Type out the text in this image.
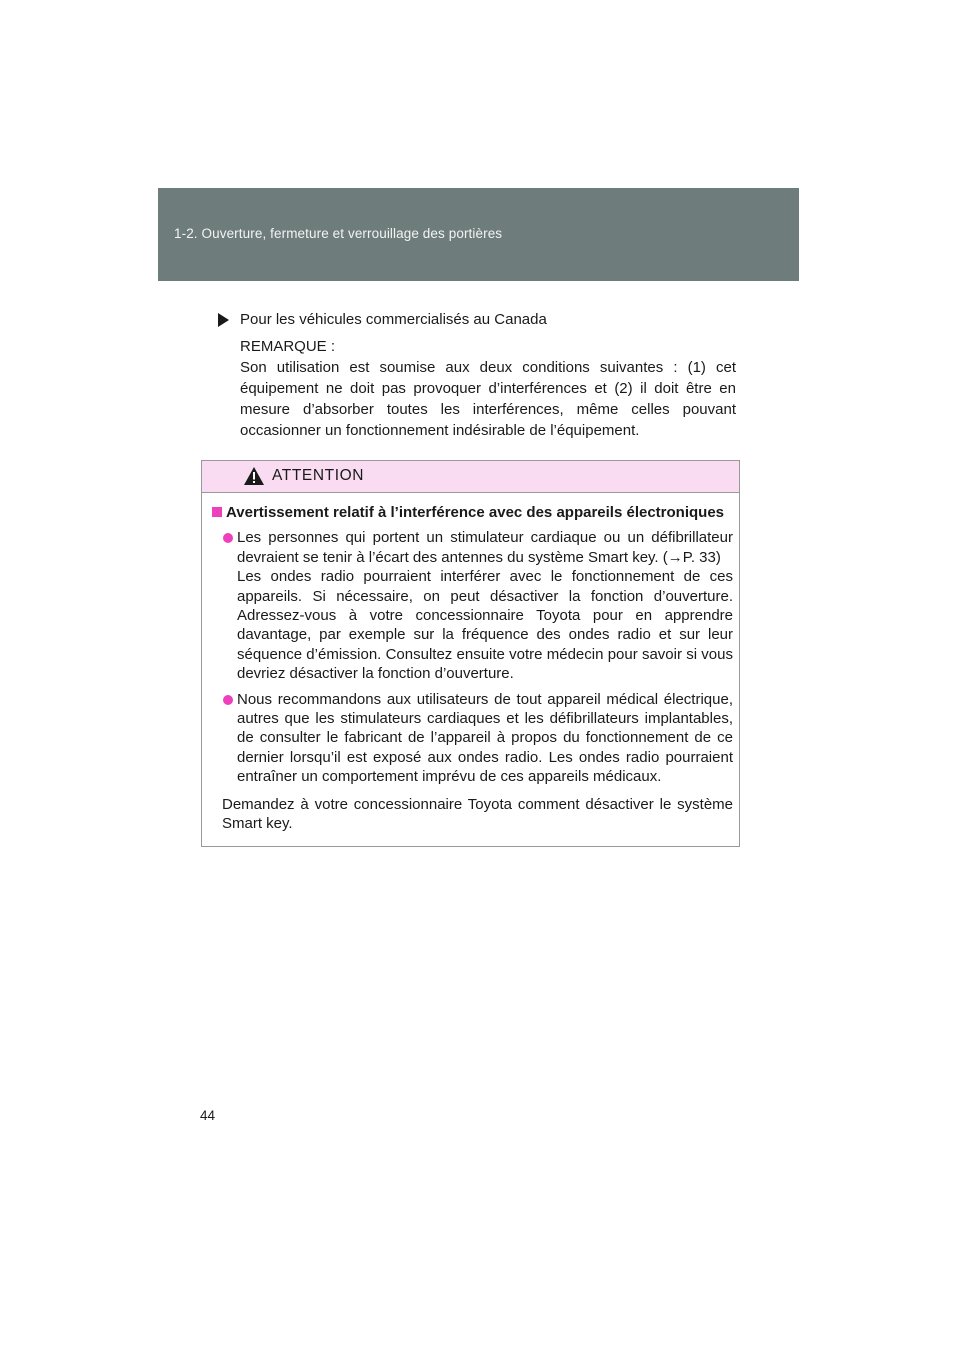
1-2. Ouverture, fermeture et verrouillage des portières
Pour les véhicules commercialisés au Canada
REMARQUE :
Son utilisation est soumise aux deux conditions suivantes : (1) cet équipement ne doit pas provoquer d’interférences et (2) il doit être en mesure d’absorber toutes les interférences, même celles pouvant occasionner un fonctionnement indésirable de l’équipement.
ATTENTION
Avertissement relatif à l’interférence avec des appareils électroniques
Les personnes qui portent un stimulateur cardiaque ou un défibrillateur devraient se tenir à l’écart des antennes du système Smart key. (→P. 33)
Les ondes radio pourraient interférer avec le fonctionnement de ces appareils. Si nécessaire, on peut désactiver la fonction d’ouverture. Adressez-vous à votre concessionnaire Toyota pour en apprendre davantage, par exemple sur la fréquence des ondes radio et sur leur séquence d’émission. Consultez ensuite votre médecin pour savoir si vous devriez désactiver la fonction d’ouverture.
Nous recommandons aux utilisateurs de tout appareil médical électrique, autres que les stimulateurs cardiaques et les défibrillateurs implantables, de consulter le fabricant de l’appareil à propos du fonctionnement de ce dernier lorsqu’il est exposé aux ondes radio. Les ondes radio pourraient entraîner un comportement imprévu de ces appareils médicaux.
Demandez à votre concessionnaire Toyota comment désactiver le système Smart key.
44
